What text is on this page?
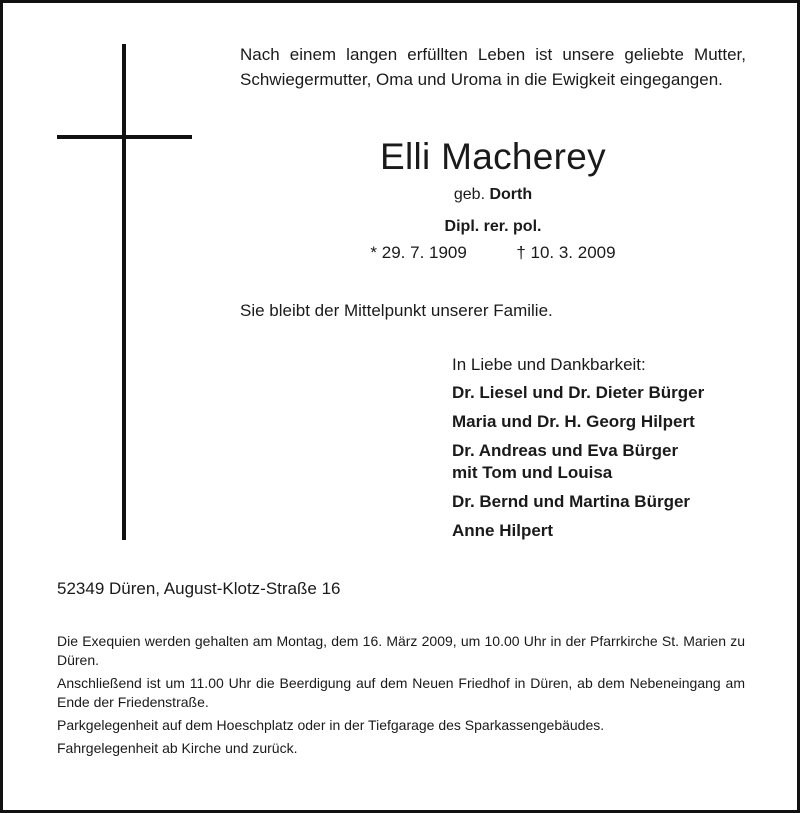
Nach einem langen erfüllten Leben ist unsere geliebte Mutter, Schwiegermutter, Oma und Uroma in die Ewigkeit eingegangen.
Elli Macherey
geb. Dorth
Dipl. rer. pol.
* 29. 7. 1909	† 10. 3. 2009
Sie bleibt der Mittelpunkt unserer Familie.
In Liebe und Dankbarkeit:
Dr. Liesel und Dr. Dieter Bürger
Maria und Dr. H. Georg Hilpert
Dr. Andreas und Eva Bürger
mit Tom und Louisa
Dr. Bernd und Martina Bürger
Anne Hilpert
52349 Düren, August-Klotz-Straße 16

Die Exequien werden gehalten am Montag, dem 16. März 2009, um 10.00 Uhr in der Pfarrkirche St. Marien zu Düren.

Anschließend ist um 11.00 Uhr die Beerdigung auf dem Neuen Friedhof in Düren, ab dem Nebeneingang am Ende der Friedenstraße.

Parkgelegenheit auf dem Hoeschplatz oder in der Tiefgarage des Sparkassengebäudes.

Fahrgelegenheit ab Kirche und zurück.
